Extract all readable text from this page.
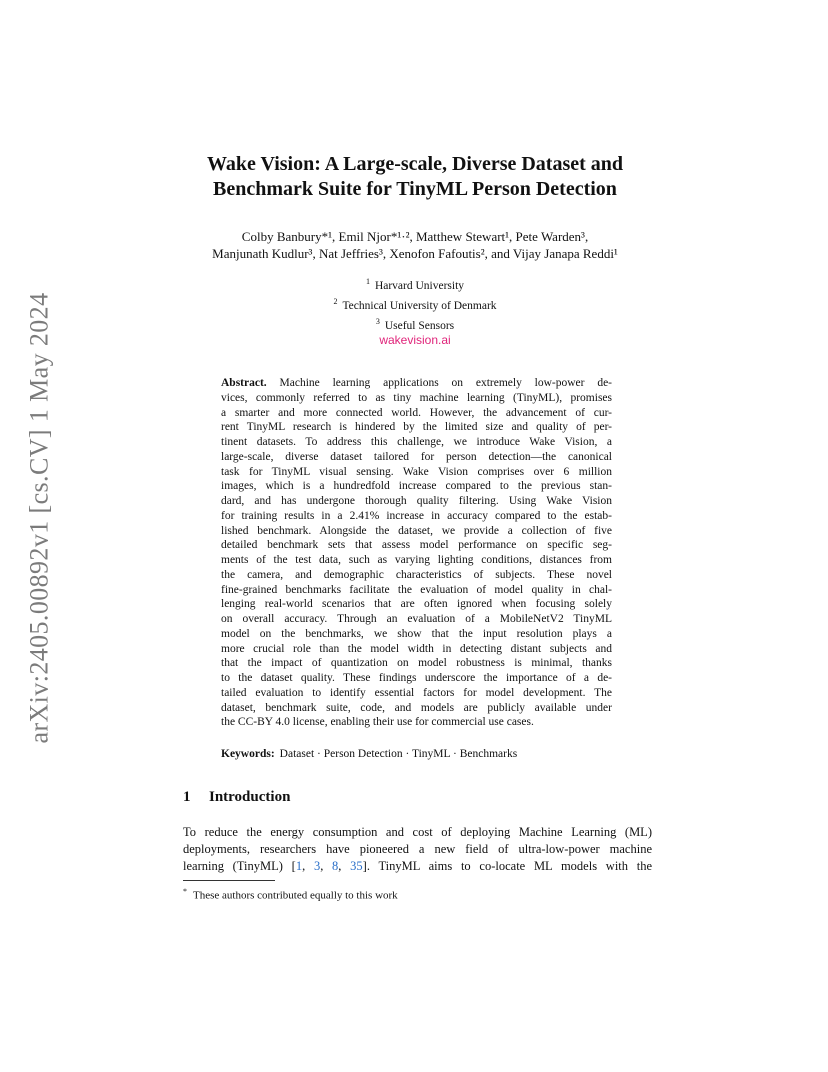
arXiv:2405.00892v1 [cs.CV] 1 May 2024
Wake Vision: A Large-scale, Diverse Dataset and
Benchmark Suite for TinyML Person Detection
Colby Banbury*¹, Emil Njor*¹·², Matthew Stewart¹, Pete Warden³,
Manjunath Kudlur³, Nat Jeffries³, Xenofon Fafoutis², and Vijay Janapa Reddi¹
$^1$ Harvard University
$^2$ Technical University of Denmark
$^3$ Useful Sensors
wakevision.ai
Abstract. Machine learning applications on extremely low-power de-
vices, commonly referred to as tiny machine learning (TinyML), promises
a smarter and more connected world. However, the advancement of cur-
rent TinyML research is hindered by the limited size and quality of per-
tinent datasets. To address this challenge, we introduce Wake Vision, a
large-scale, diverse dataset tailored for person detection—the canonical
task for TinyML visual sensing. Wake Vision comprises over 6 million
images, which is a hundredfold increase compared to the previous stan-
dard, and has undergone thorough quality filtering. Using Wake Vision
for training results in a 2.41% increase in accuracy compared to the estab-
lished benchmark. Alongside the dataset, we provide a collection of five
detailed benchmark sets that assess model performance on specific seg-
ments of the test data, such as varying lighting conditions, distances from
the camera, and demographic characteristics of subjects. These novel
fine-grained benchmarks facilitate the evaluation of model quality in chal-
lenging real-world scenarios that are often ignored when focusing solely
on overall accuracy. Through an evaluation of a MobileNetV2 TinyML
model on the benchmarks, we show that the input resolution plays a
more crucial role than the model width in detecting distant subjects and
that the impact of quantization on model robustness is minimal, thanks
to the dataset quality. These findings underscore the importance of a de-
tailed evaluation to identify essential factors for model development. The
dataset, benchmark suite, code, and models are publicly available under
the CC-BY 4.0 license, enabling their use for commercial use cases.
Keywords: Dataset · Person Detection · TinyML · Benchmarks
1 Introduction
To reduce the energy consumption and cost of deploying Machine Learning (ML)
deployments, researchers have pioneered a new field of ultra-low-power machine
learning (TinyML) [1, 3, 8, 35]. TinyML aims to co-locate ML models with the
* These authors contributed equally to this work
